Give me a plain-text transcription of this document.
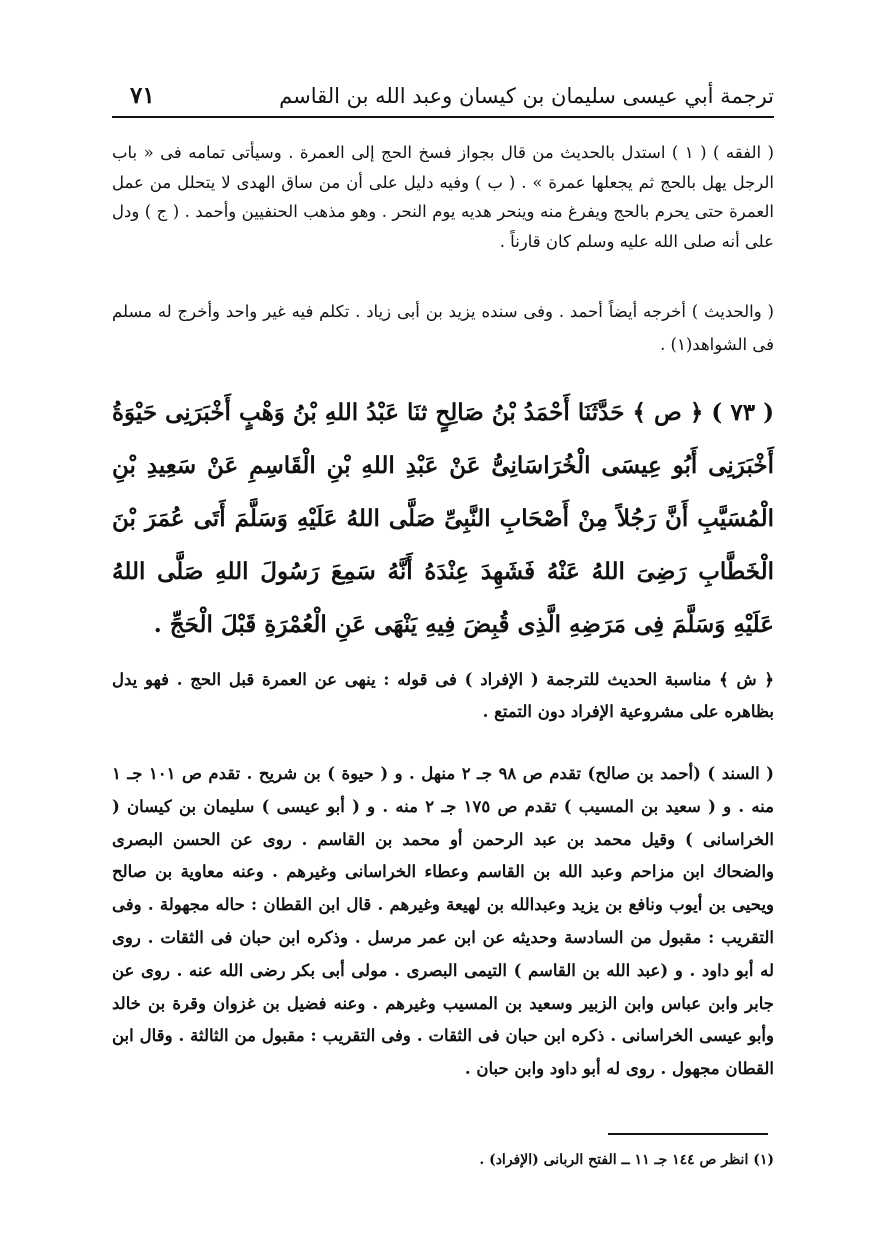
ترجمة أبي عيسى سليمان بن كيسان وعبد الله بن القاسم
٧١
( الفقه ) ( ١ ) استدل بالحديث من قال بجواز فسخ الحج إلى العمرة . وسيأتى تمامه فى « باب الرجل يهل بالحج ثم يجعلها عمرة » . ( ب ) وفيه دليل على أن من ساق الهدى لا يتحلل من عمل العمرة حتى يحرم بالحج ويفرغ منه وينحر هديه يوم النحر . وهو مذهب الحنفيين وأحمد . ( ج ) ودل على أنه صلى الله عليه وسلم كان قارناً .
( والحديث ) أخرجه أيضاً أحمد . وفى سنده يزيد بن أبى زياد . تكلم فيه غير واحد وأخرج له مسلم فى الشواهد(١) .
( ٧٣ ) ﴿ ص ﴾ حَدَّثَنَا أَحْمَدُ بْنُ صَالِحٍ ثنَا عَبْدُ اللهِ بْنُ وَهْبٍ أَخْبَرَنِى حَيْوَةُ أَخْبَرَنِى أَبُو عِيسَى الْخُرَاسَانِىُّ عَنْ عَبْدِ اللهِ بْنِ الْقَاسِمِ عَنْ سَعِيدِ بْنِ الْمُسَيَّبِ أَنَّ رَجُلاً مِنْ أَصْحَابِ النَّبِىِّ صَلَّى اللهُ عَلَيْهِ وَسَلَّمَ أَتَى عُمَرَ بْنَ الْخَطَّابِ رَضِىَ اللهُ عَنْهُ فَشَهِدَ عِنْدَهُ أَنَّهُ سَمِعَ رَسُولَ اللهِ صَلَّى اللهُ عَلَيْهِ وَسَلَّمَ فِى مَرَضِهِ الَّذِى قُبِضَ فِيهِ يَنْهَى عَنِ الْعُمْرَةِ قَبْلَ الْحَجِّ .
﴿ ش ﴾ مناسبة الحديث للترجمة ( الإفراد ) فى قوله : ينهى عن العمرة قبل الحج . فهو يدل بظاهره على مشروعية الإفراد دون التمتع .
( السند ) (أحمد بن صالح) تقدم ص ٩٨ جـ ٢ منهل . و ( حيوة ) بن شريح . تقدم ص ١٠١ جـ ١ منه . و ( سعيد بن المسيب ) تقدم ص ١٧٥ جـ ٢ منه . و ( أبو عيسى ) سليمان بن كيسان ( الخراسانى ) وقيل محمد بن عبد الرحمن أو محمد بن القاسم . روى عن الحسن البصرى والضحاك ابن مزاحم وعبد الله بن القاسم وعطاء الخراسانى وغيرهم . وعنه معاوية بن صالح ويحيى بن أيوب ونافع بن يزيد وعبدالله بن لهيعة وغيرهم . قال ابن القطان : حاله مجهولة . وفى التقريب : مقبول من السادسة وحديثه عن ابن عمر مرسل . وذكره ابن حبان فى الثقات . روى له أبو داود . و (عبد الله بن القاسم ) التيمى البصرى . مولى أبى بكر رضى الله عنه . روى عن جابر وابن عباس وابن الزبير وسعيد بن المسيب وغيرهم . وعنه فضيل بن غزوان وقرة بن خالد وأبو عيسى الخراسانى . ذكره ابن حبان فى الثقات . وفى التقريب : مقبول من الثالثة . وقال ابن القطان مجهول . روى له أبو داود وابن حبان .
(١) انظر ص ١٤٤ جـ ١١ ــ الفتح الربانى (الإفراد) .
